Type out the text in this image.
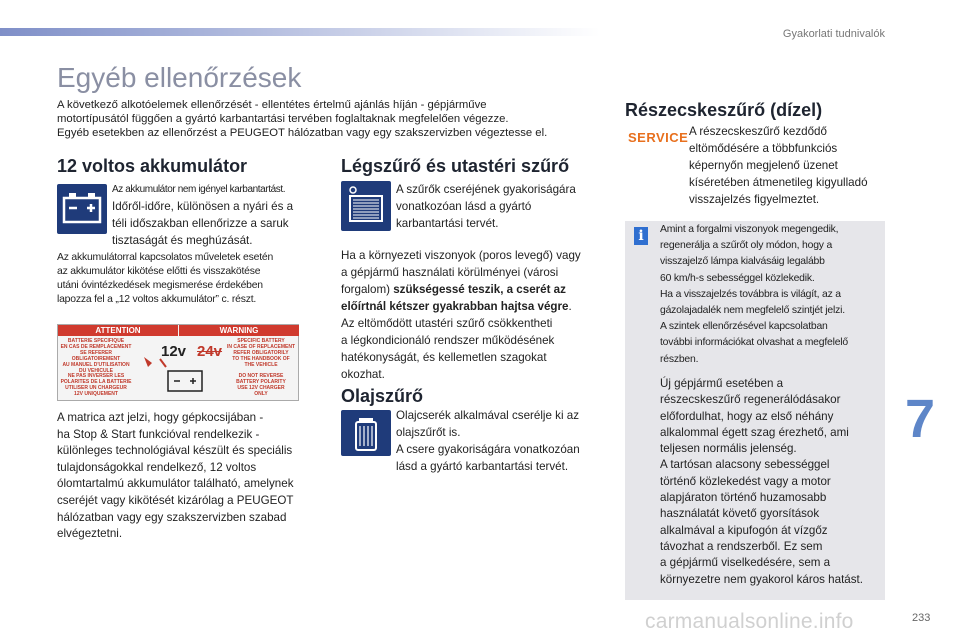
Gyakorlati tudnivalók
Egyéb ellenőrzések
A következő alkotóelemek ellenőrzését - ellentétes értelmű ajánlás híján - gépjárműve
motortípusától függően a gyártó karbantartási tervében foglaltaknak megfelelően végezze.
Egyéb esetekben az ellenőrzést a PEUGEOT hálózatban vagy egy szakszervizben végeztesse el.
12 voltos akkumulátor
Az akkumulátor nem igényel karbantartást.
Időről-időre, különösen a nyári és a
téli időszakban ellenőrizze a saruk
tisztaságát és meghúzását.
Az akkumulátorral kapcsolatos műveletek esetén
az akkumulátor kikötése előtti és visszakötése
utáni óvintézkedések megismerése érdekében
lapozza fel a „12 voltos akkumulátor” c. részt.
ATTENTION	WARNING
BATTERIE SPECIFIQUE
EN CAS DE REMPLACEMENT
SE REFERER OBLIGATOIREMENT
AU MANUEL D'UTILISATION
DU VEHICULE
SPECIFIC BATTERY
IN CASE OF REPLACEMENT
REFER OBLIGATORILY
TO THE HANDBOOK OF
THE VEHICLE
NE PAS INVERSER LES
POLARITES DE LA BATTERIE
UTILISER UN CHARGEUR
12V UNIQUEMENT
DO NOT REVERSE
BATTERY POLARITY
USE 12V CHARGER
ONLY
12v 24v
A matrica azt jelzi, hogy gépkocsijában -
ha Stop & Start funkcióval rendelkezik -
különleges technológiával készült és speciális
tulajdonságokkal rendelkező, 12 voltos
ólomtartalmú akkumulátor található, amelynek
cseréjét vagy kikötését kizárólag a PEUGEOT
hálózatban vagy egy szakszervizben szabad
elvégeztetni.
Légszűrő és utastéri szűrő
A szűrők cseréjének gyakoriságára
vonatkozóan lásd a gyártó
karbantartási tervét.
Ha a környezeti viszonyok (poros levegő) vagy
a gépjármű használati körülményei (városi
forgalom) szükségessé teszik, a cserét az
előírtnál kétszer gyakrabban hajtsa végre.
Az eltömődött utastéri szűrő csökkentheti
a légkondicionáló rendszer működésének
hatékonyságát, és kellemetlen szagokat
okozhat.
Olajszűrő
Olajcserék alkalmával cserélje ki az
olajszűrőt is.
A csere gyakoriságára vonatkozóan
lásd a gyártó karbantartási tervét.
Részecskeszűrő (dízel)
SERVICE A részecskeszűrő kezdődő
eltömődésére a többfunkciós
képernyőn megjelenő üzenet
kíséretében átmenetileg kigyulladó
visszajelzés figyelmeztet.
i	Amint a forgalmi viszonyok megengedik,
regenerálja a szűrőt oly módon, hogy a
visszajelző lámpa kialvásáig legalább
60 km/h-s sebességgel közlekedik.
Ha a visszajelzés továbbra is világít, az a
gázolajadalék nem megfelelő szintjét jelzi.
A szintek ellenőrzésével kapcsolatban
további információkat olvashat a megfelelő
részben.
Új gépjármű esetében a
részecskeszűrő regenerálódásakor
előfordulhat, hogy az első néhány
alkalommal égett szag érezhető, ami
teljesen normális jelenség.
A tartósan alacsony sebességgel
történő közlekedést vagy a motor
alapjáraton történő huzamosabb
használatát követő gyorsítások
alkalmával a kipufogón át vízgőz
távozhat a rendszerből. Ez sem
a gépjármű viselkedésére, sem a
környezetre nem gyakorol káros hatást.
7
carmanualsonline.info	233
